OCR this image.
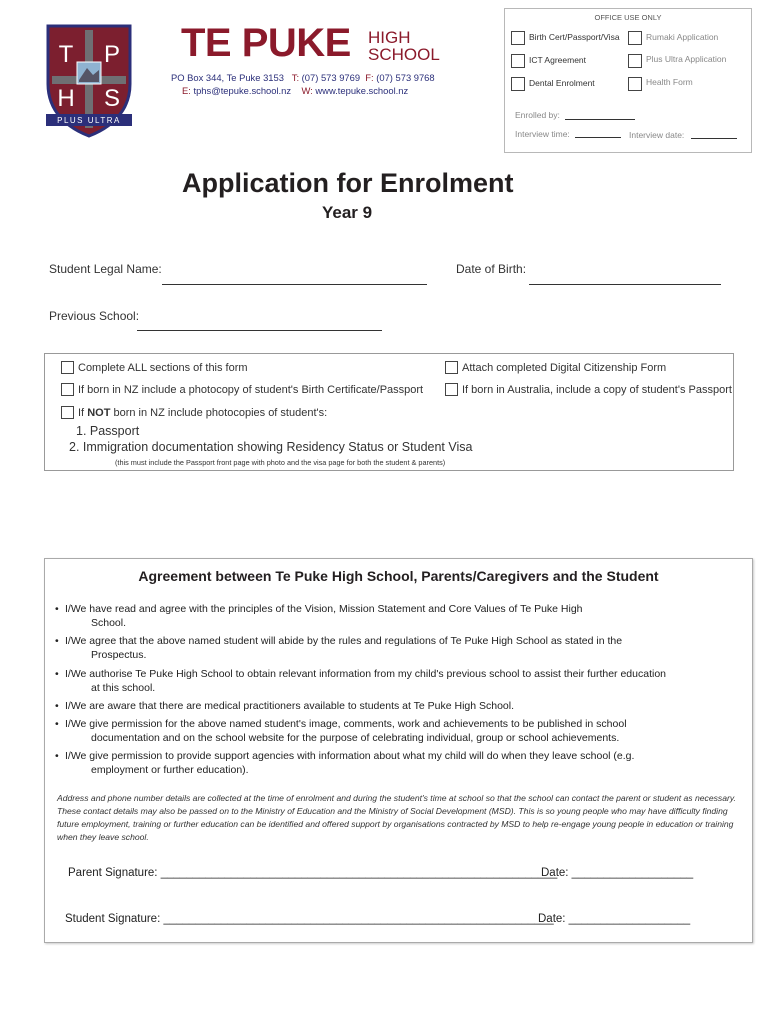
T P
H S
PLUS ULTRA
TE PUKE HIGH
SCHOOL
PO Box 344, Te Puke 3153 T: (07) 573 9769 F: (07) 573 9768
E: tphs@tepuke.school.nz W: www.tepuke.school.nz
OFFICE USE ONLY
Birth Cert/Passport/Visa	Rumaki Application
ICT Agreement	Plus Ultra Application
Dental Enrolment	Health Form
Enrolled by:
Interview time:	Interview date:
Application for Enrolment
Year 9
Student Legal Name:	Date of Birth:
Previous School:
Complete ALL sections of this form	Attach completed Digital Citizenship Form
If born in NZ include a photocopy of student's Birth Certificate/Passport	If born in Australia, include a copy of student's Passport
If NOT born in NZ include photocopies of student's:
1. Passport
2. Immigration documentation showing Residency Status or Student Visa
(this must include the Passport front page with photo and the visa page for both the student & parents)
Agreement between Te Puke High School, Parents/Caregivers and the Student
• I/We have read and agree with the principles of the Vision, Mission Statement and Core Values of Te Puke High
School.
• I/We agree that the above named student will abide by the rules and regulations of Te Puke High School as stated in the
Prospectus.
• I/We authorise Te Puke High School to obtain relevant information from my child's previous school to assist their further education
at this school.
• I/We are aware that there are medical practitioners available to students at Te Puke High School.
• I/We give permission for the above named student's image, comments, work and achievements to be published in school
documentation and on the school website for the purpose of celebrating individual, group or school achievements.
• I/We give permission to provide support agencies with information about what my child will do when they leave school (e.g.
employment or further education).
Address and phone number details are collected at the time of enrolment and during the student's time at school so that the school can contact the parent or student as necessary.
These contact details may also be passed on to the Ministry of Education and the Ministry of Social Development (MSD). This is so young people who may have difficulty finding
future employment, training or further education can be identified and offered support by organisations contracted by MSD to help re-engage young people in education or training
when they leave school.
Parent Signature: ______________________________________________________________
Date: ___________________
Student Signature: _____________________________________________________________
Date: ___________________
